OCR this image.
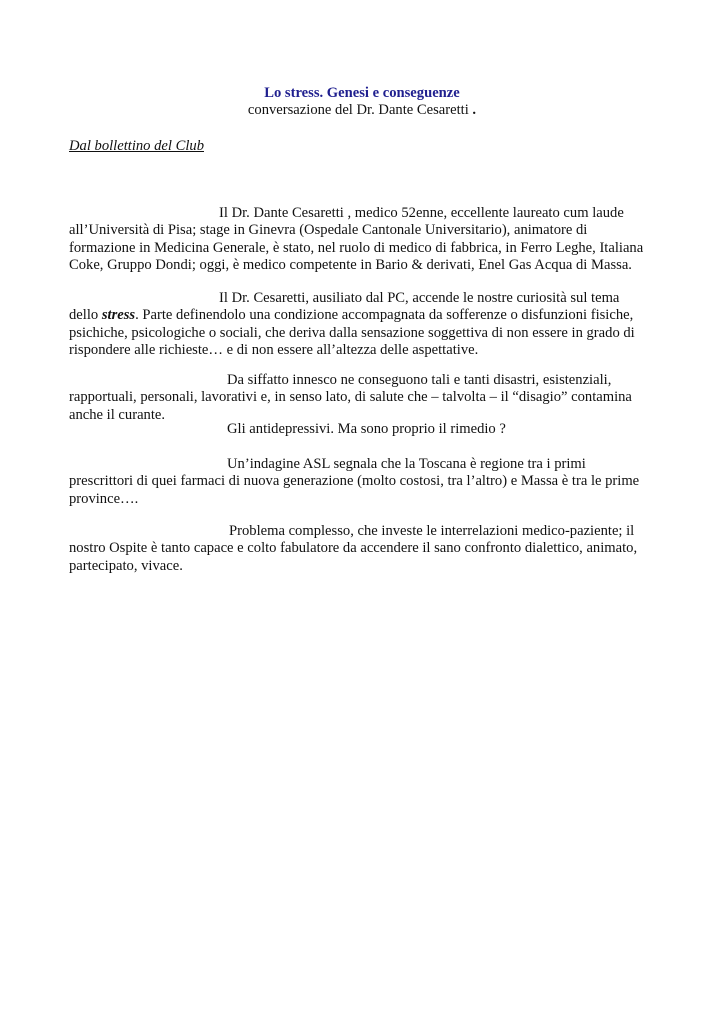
Lo stress. Genesi e conseguenze
conversazione del Dr. Dante Cesaretti .
Dal bollettino del Club
Il Dr. Dante Cesaretti , medico 52enne, eccellente laureato cum laude
all’Università di Pisa; stage in Ginevra (Ospedale Cantonale Universitario), animatore di
formazione in Medicina Generale, è stato, nel ruolo di medico di fabbrica, in Ferro Leghe, Italiana
Coke, Gruppo Dondi; oggi, è medico competente in Bario & derivati, Enel Gas Acqua di Massa.
Il Dr. Cesaretti, ausiliato dal PC, accende le nostre curiosità sul tema
dello stress. Parte definendolo una condizione accompagnata da sofferenze o disfunzioni fisiche,
psichiche, psicologiche o sociali, che deriva dalla sensazione soggettiva di non essere in grado di
rispondere alle richieste… e di non essere all’altezza delle aspettative.
Da siffatto innesco ne conseguono tali e tanti disastri, esistenziali,
rapportuali, personali, lavorativi e, in senso lato, di salute che – talvolta – il “disagio” contamina
anche il curante.
Gli antidepressivi. Ma sono proprio il rimedio ?
Un’indagine ASL segnala che la Toscana è regione tra i primi
prescrittori di quei farmaci di nuova generazione (molto costosi, tra l’altro) e Massa è tra le prime
province….
Problema complesso, che investe le interrelazioni medico-paziente; il
nostro Ospite è tanto capace e colto fabulatore da accendere il sano confronto dialettico, animato,
partecipato, vivace.
